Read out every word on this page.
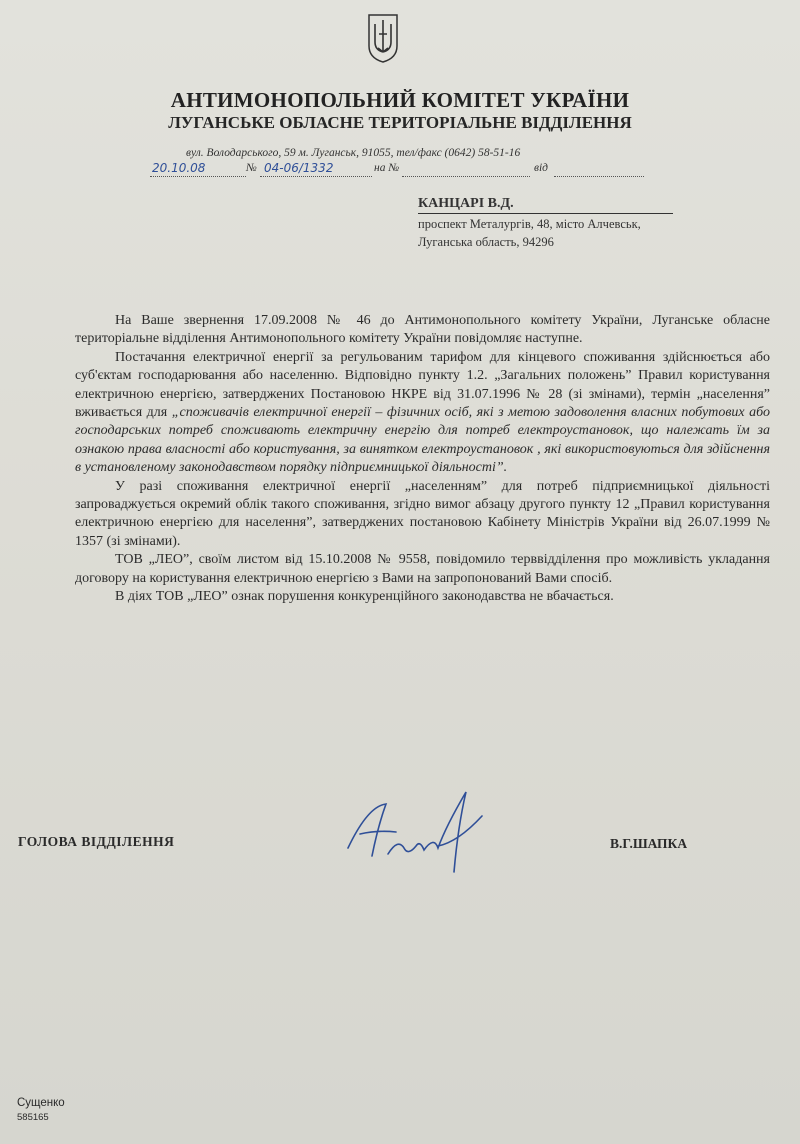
АНТИМОНОПОЛЬНИЙ КОМІТЕТ УКРАЇНИ
ЛУГАНСЬКЕ ОБЛАСНЕ ТЕРИТОРІАЛЬНЕ ВІДДІЛЕННЯ
вул. Володарського, 59 м. Луганськ, 91055, тел/факс (0642) 58-51-16
20.10.08	№ 04-06/1332	на №	від
КАНЦАРІ В.Д.
проспект Металургів, 48, місто Алчевськ,
Луганська область, 94296

На Ваше звернення 17.09.2008 № 46 до Антимонопольного комітету України, Луганське обласне територіальне відділення Антимонопольного комітету України повідомляє наступне.

Постачання електричної енергії за регульованим тарифом для кінцевого споживання здійснюється або суб'єктам господарювання або населенню. Відповідно пункту 1.2. „Загальних положень” Правил користування електричною енергією, затверджених Постановою НКРЕ від 31.07.1996 № 28 (зі змінами), термін „населення” вживається для „споживачів електричної енергії – фізичних осіб, які з метою задоволення власних побутових або господарських потреб споживають електричну енергію для потреб електроустановок, що належать їм за ознакою права власності або користування, за винятком електроустановок , які використовуються для здійснення в установленому законодавством порядку підприємницької діяльності”.

У разі споживання електричної енергії „населенням” для потреб підприємницької діяльності запроваджується окремий облік такого споживання, згідно вимог абзацу другого пункту 12 „Правил користування електричною енергією для населення”, затверджених постановою Кабінету Міністрів України від 26.07.1999 № 1357 (зі змінами).

ТОВ „ЛЕО”, своїм листом від 15.10.2008 № 9558, повідомило терввідділення про можливість укладання договору на користування електричною енергією з Вами на запропонований Вами спосіб.

В діях ТОВ „ЛЕО” ознак порушення конкуренційного законодавства не вбачається.

ГОЛОВА ВІДДІЛЕННЯ	В.Г.ШАПКА
Сущенко
585165
